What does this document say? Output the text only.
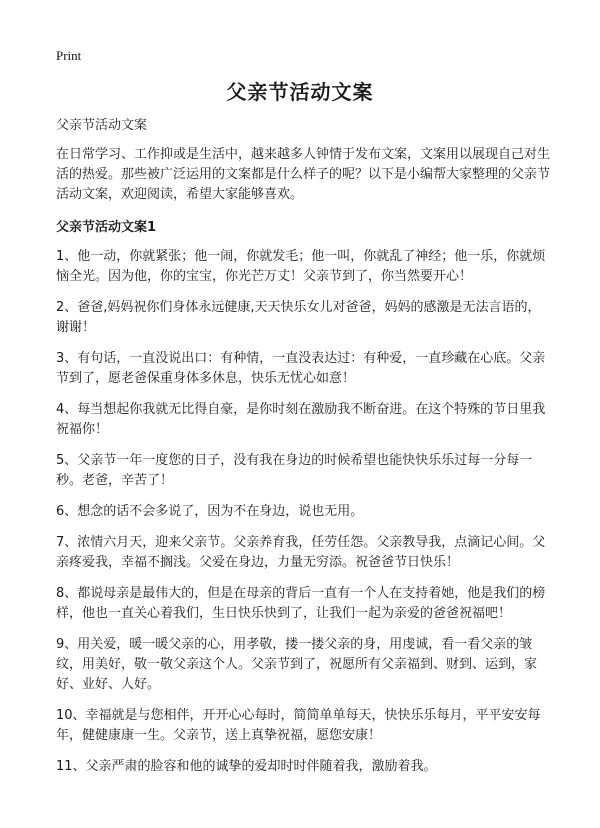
Print
父亲节活动文案

父亲节活动文案

在日常学习、工作抑或是生活中，越来越多人钟情于发布文案，文案用以展现自己对生活的热爱。那些被广泛运用的文案都是什么样子的呢？以下是小编帮大家整理的父亲节活动文案，欢迎阅读，希望大家能够喜欢。

父亲节活动文案1

1、他一动，你就紧张；他一闹，你就发毛；他一叫，你就乱了神经；他一乐，你就烦恼全光。因为他，你的宝宝，你光芒万丈！父亲节到了，你当然要开心！
2、爸爸,妈妈祝你们身体永远健康,天天快乐女儿对爸爸，妈妈的感激是无法言语的，谢谢！
3、有句话，一直没说出口：有种情，一直没表达过：有种爱，一直珍藏在心底。父亲节到了，愿老爸保重身体多休息，快乐无忧心如意！
4、每当想起你我就无比得自豪，是你时刻在激励我不断奋进。在这个特殊的节日里我祝福你！
5、父亲节一年一度您的日子，没有我在身边的时候希望也能快快乐乐过每一分每一秒。老爸，辛苦了！
6、想念的话不会多说了，因为不在身边，说也无用。
7、浓情六月天，迎来父亲节。父亲养育我，任劳任怨。父亲教导我，点滴记心间。父亲疼爱我，幸福不搁浅。父爱在身边，力量无穷添。祝爸爸节日快乐！
8、都说母亲是最伟大的，但是在母亲的背后一直有一个人在支持着她，他是我们的榜样，他也一直关心着我们，生日快乐快到了，让我们一起为亲爱的爸爸祝福吧！
9、用关爱，暖一暖父亲的心，用孝敬，搂一搂父亲的身，用虔诚，看一看父亲的皱纹，用美好，敬一敬父亲这个人。父亲节到了，祝愿所有父亲福到、财到、运到，家好、业好、人好。
10、幸福就是与您相伴，开开心心每时，简简单单每天，快快乐乐每月，平平安安每年，健健康康一生。父亲节，送上真挚祝福，愿您安康！
11、父亲严肃的脸容和他的诚挚的爱却时时伴随着我，激励着我。
